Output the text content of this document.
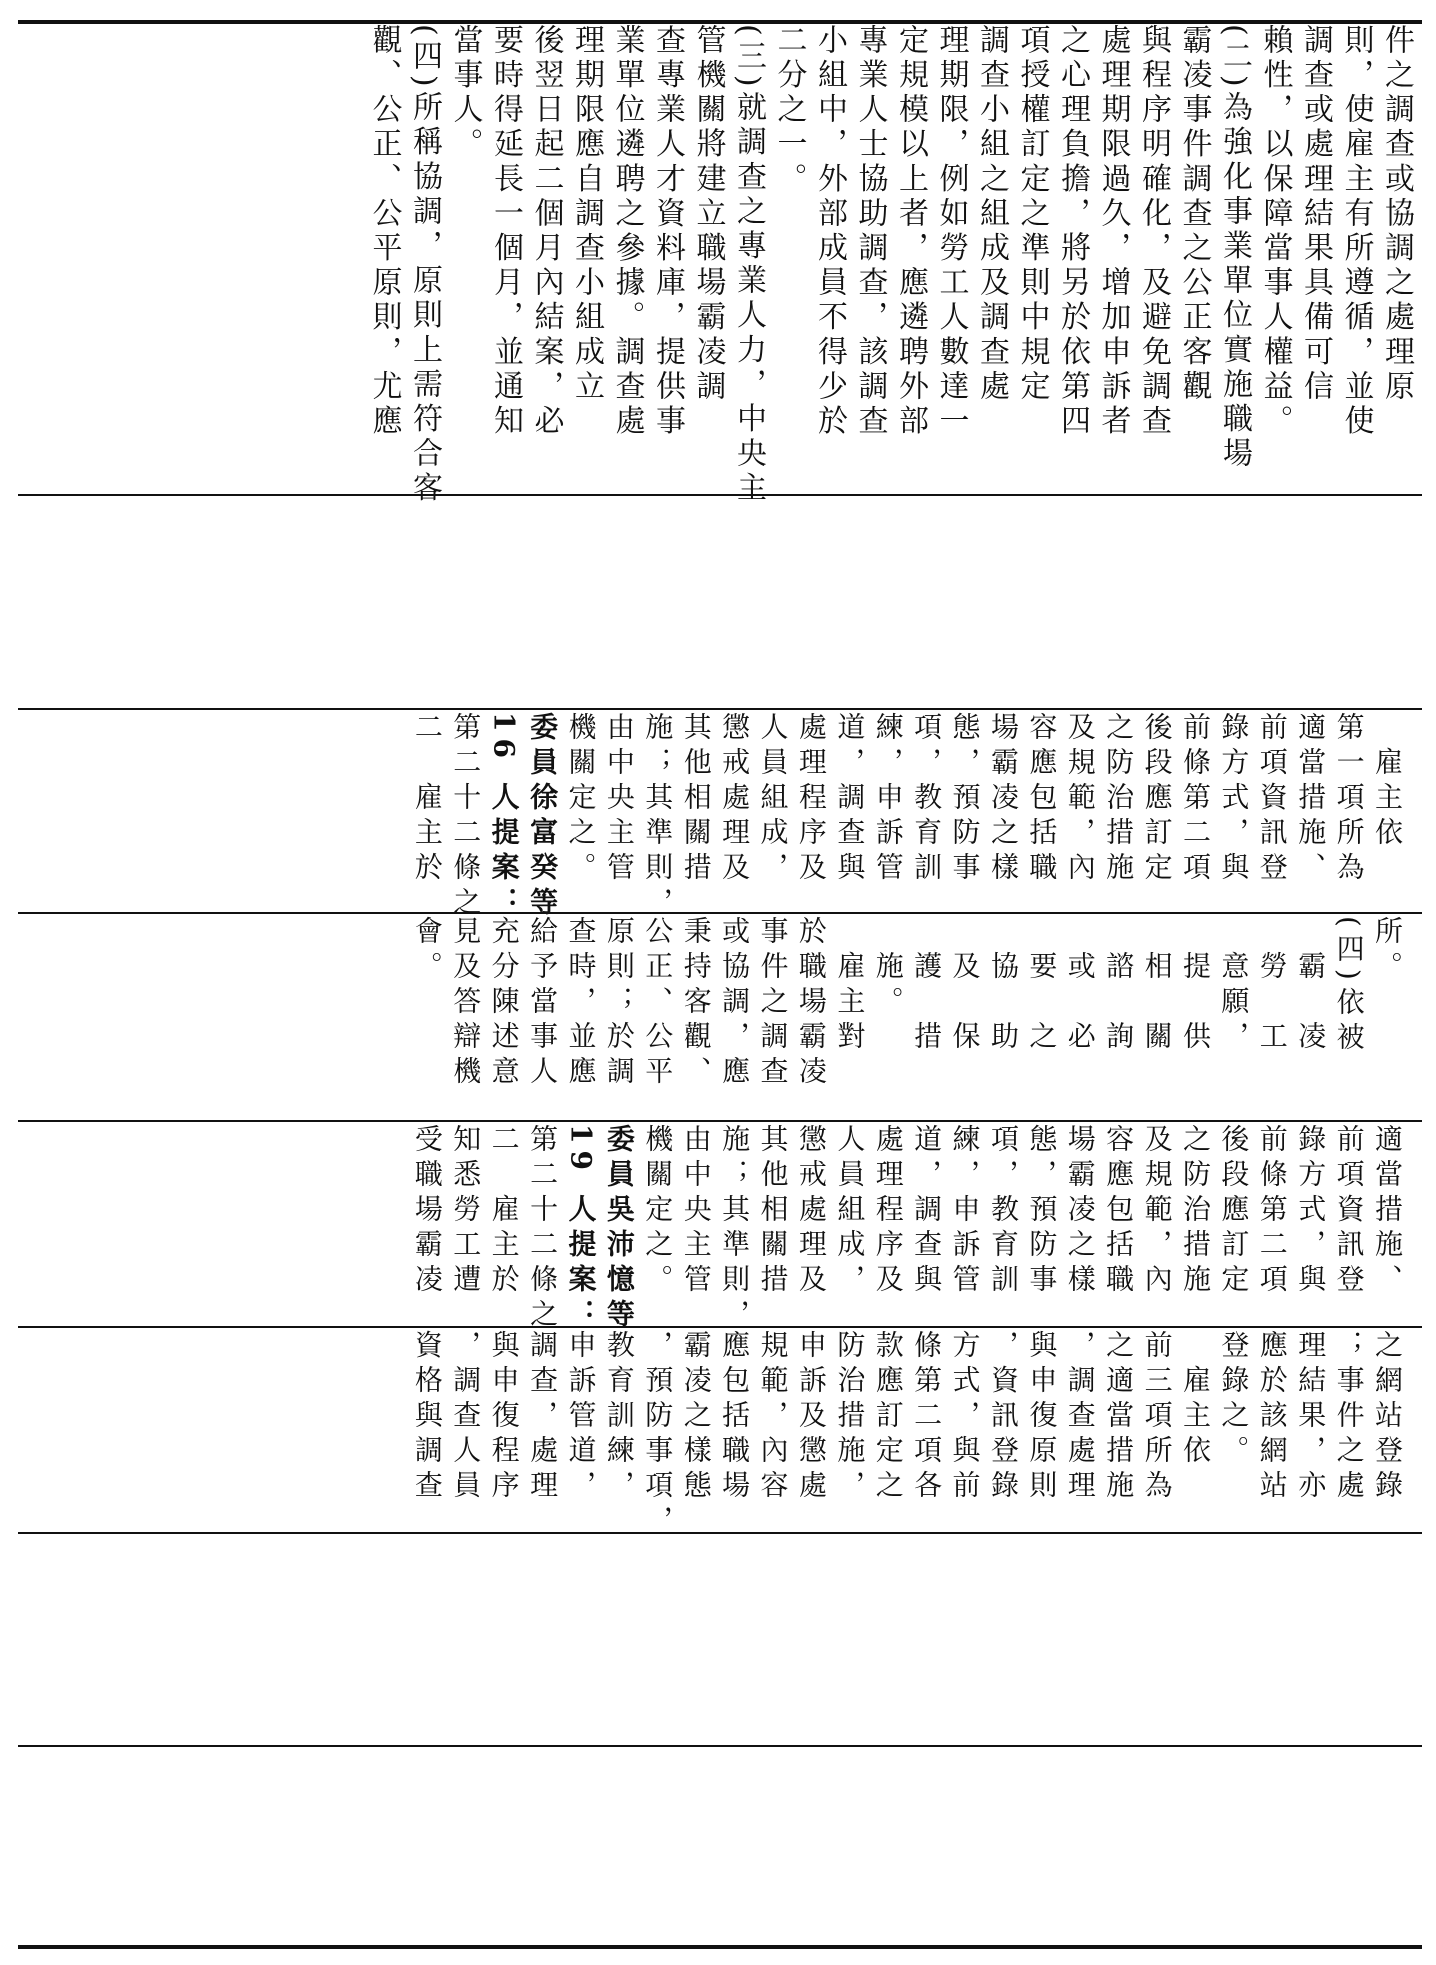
件之調查或協調之處理原
則，使雇主有所遵循，並使
調查或處理結果具備可信
賴性，以保障當事人權益。
(二)為強化事業單位實施職場
霸凌事件調查之公正客觀
與程序明確化，及避免調查
處理期限過久，增加申訴者
之心理負擔，將另於依第四
項授權訂定之準則中規定
調查小組之組成及調查處
理期限，例如勞工人數達一
定規模以上者，應遴聘外部
專業人士協助調查，該調查
小組中，外部成員不得少於
二分之一。
(三)就調查之專業人力，中央主
管機關將建立職場霸凌調
查專業人才資料庫，提供事
業單位遴聘之參據。調查處
理期限應自調查小組成立
後翌日起二個月內結案，必
要時得延長一個月，並通知
當事人。
(四)所稱協調，原則上需符合客
觀、公正、公平原則，尤應
　雇主依
第一項所為
適當措施、
前項資訊登
錄方式，與
前條第二項
後段應訂定
之防治措施
及規範，內
容應包括職
場霸凌之樣
態，預防事
項，教育訓
練，申訴管
道，調查與
處理程序及
人員組成，
懲戒處理及
其他相關措
施；其準則，
由中央主管
機關定之。
委員徐富癸等
16 人提案：
第二十二條之
二　雇主於
所。
(四)依被
　霸　凌
　勞　工
　意願，
　提　供
　相　關
　諮　詢
　或　必
　要　之
　協　助
　及　保
　護　措
　施。
　雇主對
於職場霸凌
事件之調查
或協調，應
秉持客觀、
公正、公平
原則；於調
查時，並應
給予當事人
充分陳述意
見及答辯機
會。
適當措施、
前項資訊登
錄方式，與
前條第二項
後段應訂定
之防治措施
及規範，內
容應包括職
場霸凌之樣
態，預防事
項，教育訓
練，申訴管
道，調查與
處理程序及
人員組成，
懲戒處理及
其他相關措
施；其準則，
由中央主管
機關定之。
委員吳沛憶等
19 人提案：
第二十二條之
二　雇主於
知悉勞工遭
受職場霸凌
之網站登錄
；事件之處
理結果，亦
應於該網站
登錄之。
　雇主依
前三項所為
之適當措施
，調查處理
與申復原則
，資訊登錄
方式，與前
條第二項各
款應訂定之
防治措施，
申訴及懲處
規範，內容
應包括職場
霸凌之樣態
，預防事項，
教育訓練，
申訴管道，
調查，處理
與申復程序
，調查人員
資格與調查
